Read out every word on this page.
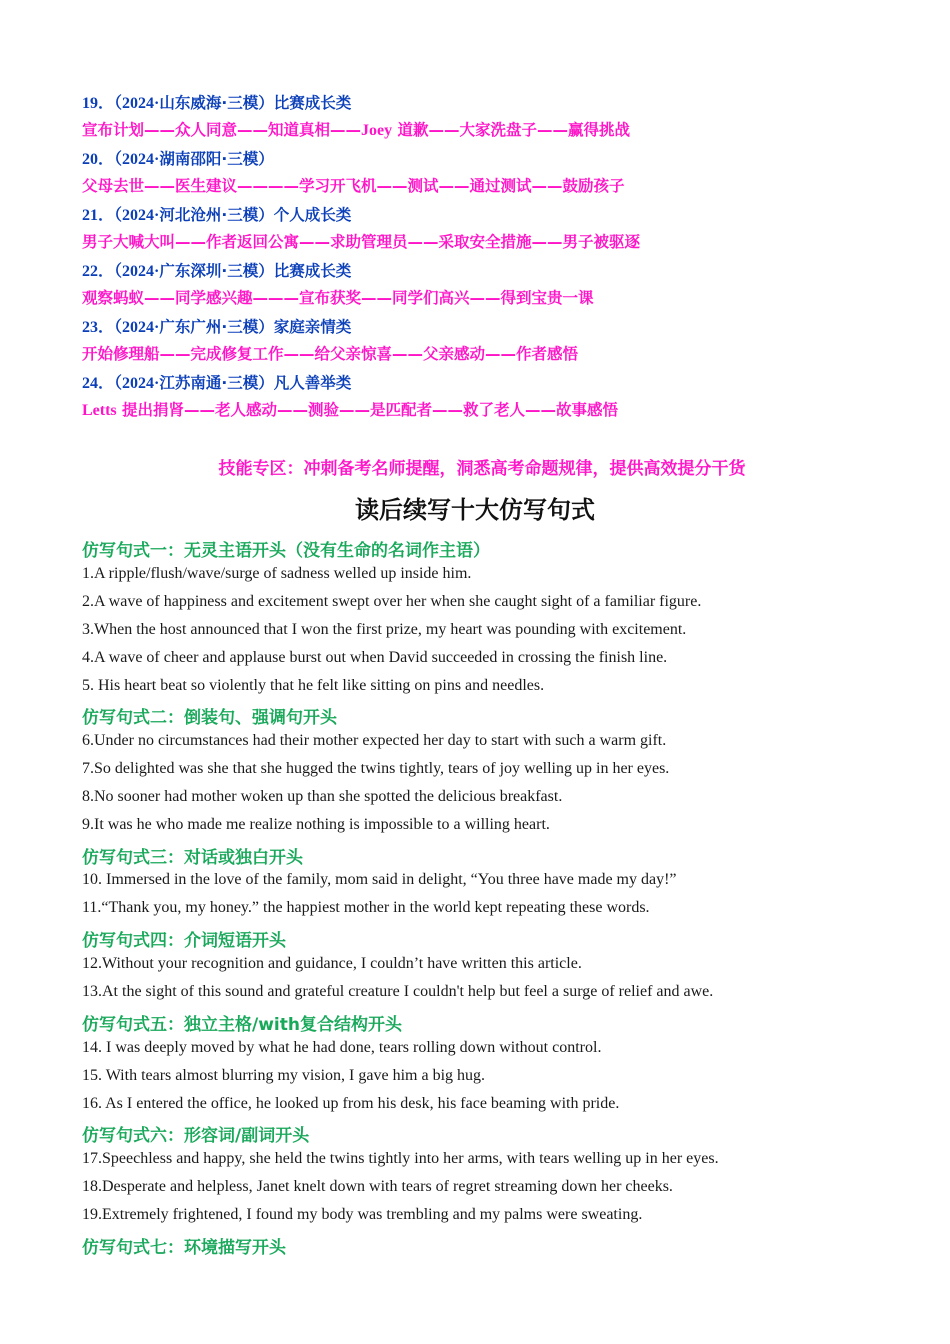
19．（2024·山东威海·三模）比赛成长类
宣布计划——众人同意——知道真相——Joey 道歉——大家洗盘子——赢得挑战
20．（2024·湖南邵阳·三模）
父母去世——医生建议————学习开飞机——测试——通过测试——鼓励孩子
21．（2024·河北沧州·三模）个人成长类
男子大喊大叫——作者返回公寓——求助管理员——采取安全措施——男子被驱逐
22．（2024·广东深圳·三模）比赛成长类
观察蚂蚁——同学感兴趣———宣布获奖——同学们高兴——得到宝贵一课
23．（2024·广东广州·三模）家庭亲情类
开始修理船——完成修复工作——给父亲惊喜——父亲感动——作者感悟
24．（2024·江苏南通·三模）凡人善举类
Letts 提出捐肾——老人感动——测验——是匹配者——救了老人——故事感悟
技能专区：冲刺备考名师提醒，洞悉高考命题规律，提供高效提分干货
读后续写十大仿写句式
仿写句式一：无灵主语开头（没有生命的名词作主语）
1.A ripple/flush/wave/surge of sadness welled up inside him.
2.A wave of happiness and excitement swept over her when she caught sight of a familiar figure.
3.When the host announced that I won the first prize, my heart was pounding with excitement.
4.A wave of cheer and applause burst out when David succeeded in crossing the finish line.
5. His heart beat so violently that he felt like sitting on pins and needles.
仿写句式二：倒装句、强调句开头
6.Under no circumstances had their mother expected her day to start with such a warm gift.
7.So delighted was she that she hugged the twins tightly, tears of joy welling up in her eyes.
8.No sooner had mother woken up than she spotted the delicious breakfast.
9.It was he who made me realize nothing is impossible to a willing heart.
仿写句式三：对话或独白开头
10. Immersed in the love of the family, mom said in delight, “You three have made my day!”
11.“Thank you, my honey.” the happiest mother in the world kept repeating these words.
仿写句式四：介词短语开头
12.Without your recognition and guidance, I couldn’t have written this article.
13.At the sight of this sound and grateful creature I couldn't help but feel a surge of relief and awe.
仿写句式五：独立主格/with复合结构开头
14. I was deeply moved by what he had done, tears rolling down without control.
15. With tears almost blurring my vision, I gave him a big hug.
16. As I entered the office, he looked up from his desk, his face beaming with pride.
仿写句式六：形容词/副词开头
17.Speechless and happy, she held the twins tightly into her arms, with tears welling up in her eyes.
18.Desperate and helpless, Janet knelt down with tears of regret streaming down her cheeks.
19.Extremely frightened, I found my body was trembling and my palms were sweating.
仿写句式七：环境描写开头
